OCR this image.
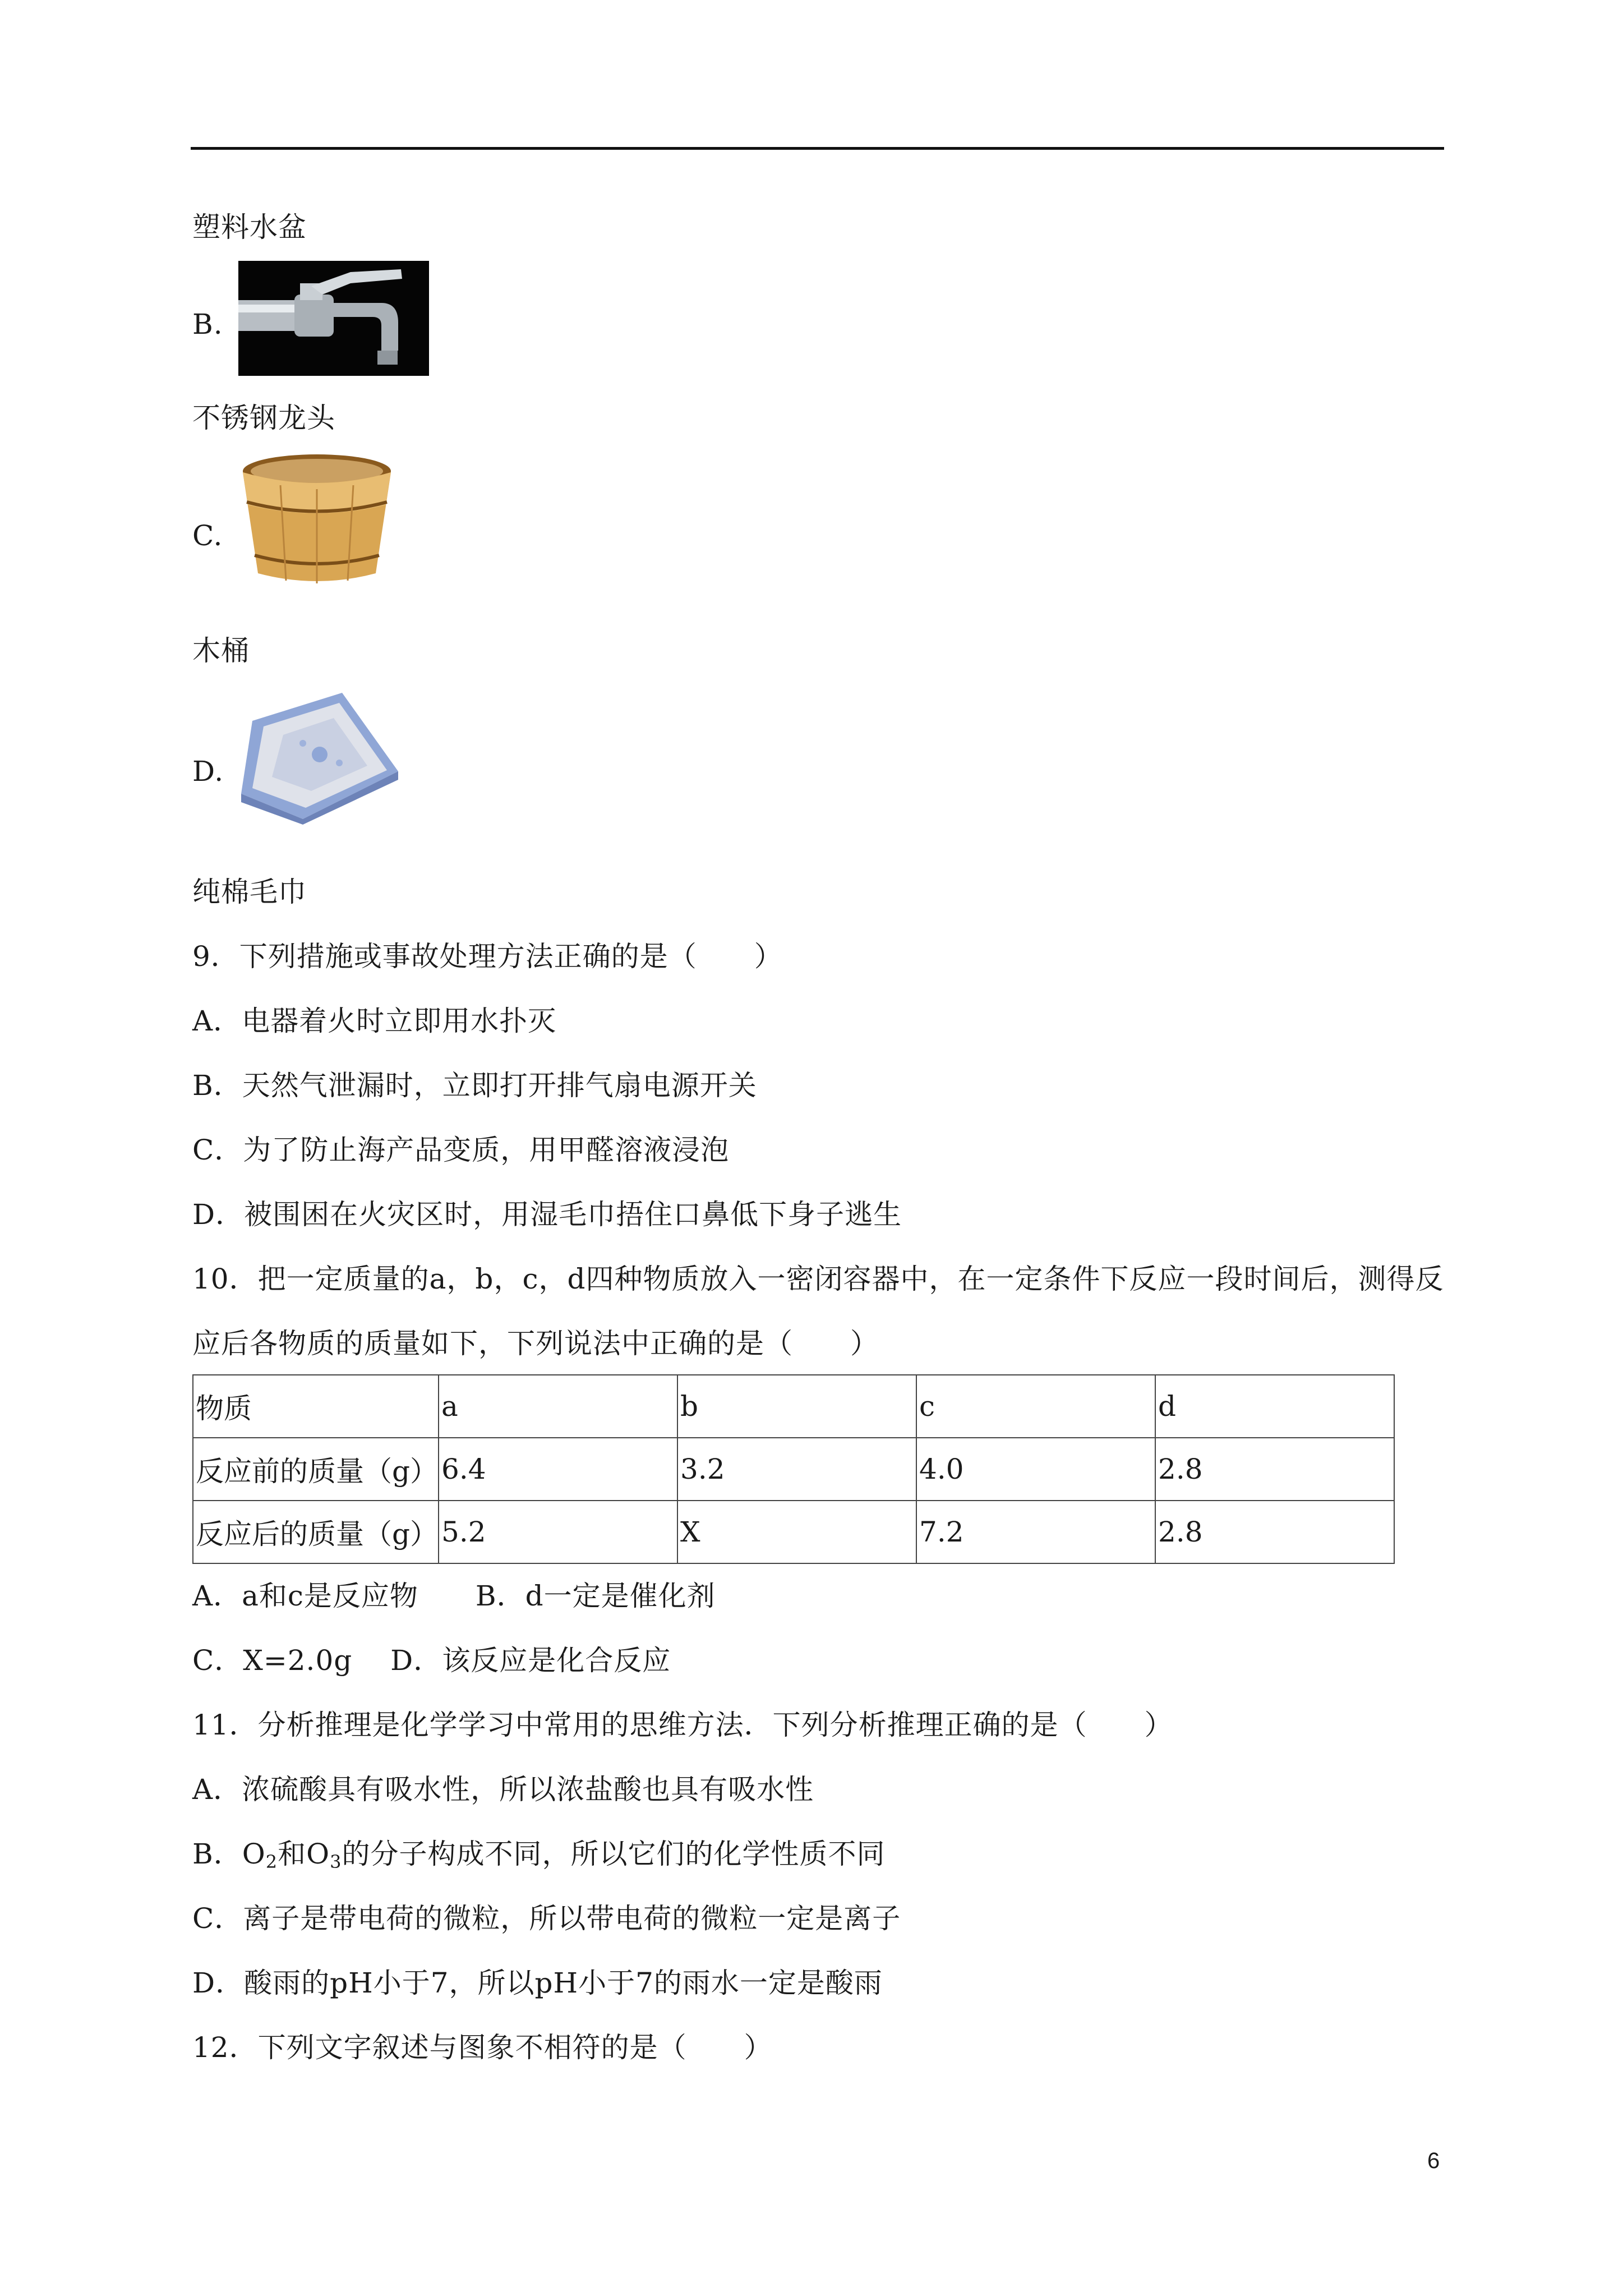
塑料水盆
B.
不锈钢龙头
C.
木桶
D.
纯棉毛巾
9．下列措施或事故处理方法正确的是（　　）
A．电器着火时立即用水扑灭
B．天然气泄漏时，立即打开排气扇电源开关
C．为了防止海产品变质，用甲醛溶液浸泡
D．被围困在火灾区时，用湿毛巾捂住口鼻低下身子逃生
10．把一定质量的a，b，c，d四种物质放入一密闭容器中，在一定条件下反应一段时间后，测得反
应后各物质的质量如下，下列说法中正确的是（　　）
物质	a	b	c	d
反应前的质量（g）	6.4	3.2	4.0	2.8
反应后的质量（g）	5.2	X	7.2	2.8
A．a和c是反应物　　B．d一定是催化剂
C．X=2.0g　 D．该反应是化合反应
11．分析推理是化学学习中常用的思维方法．下列分析推理正确的是（　　）
A．浓硫酸具有吸水性，所以浓盐酸也具有吸水性
B．$O_2$和$O_3$的分子构成不同，所以它们的化学性质不同
C．离子是带电荷的微粒，所以带电荷的微粒一定是离子
D．酸雨的pH小于7，所以pH小于7的雨水一定是酸雨
12．下列文字叙述与图象不相符的是（　　）
6
